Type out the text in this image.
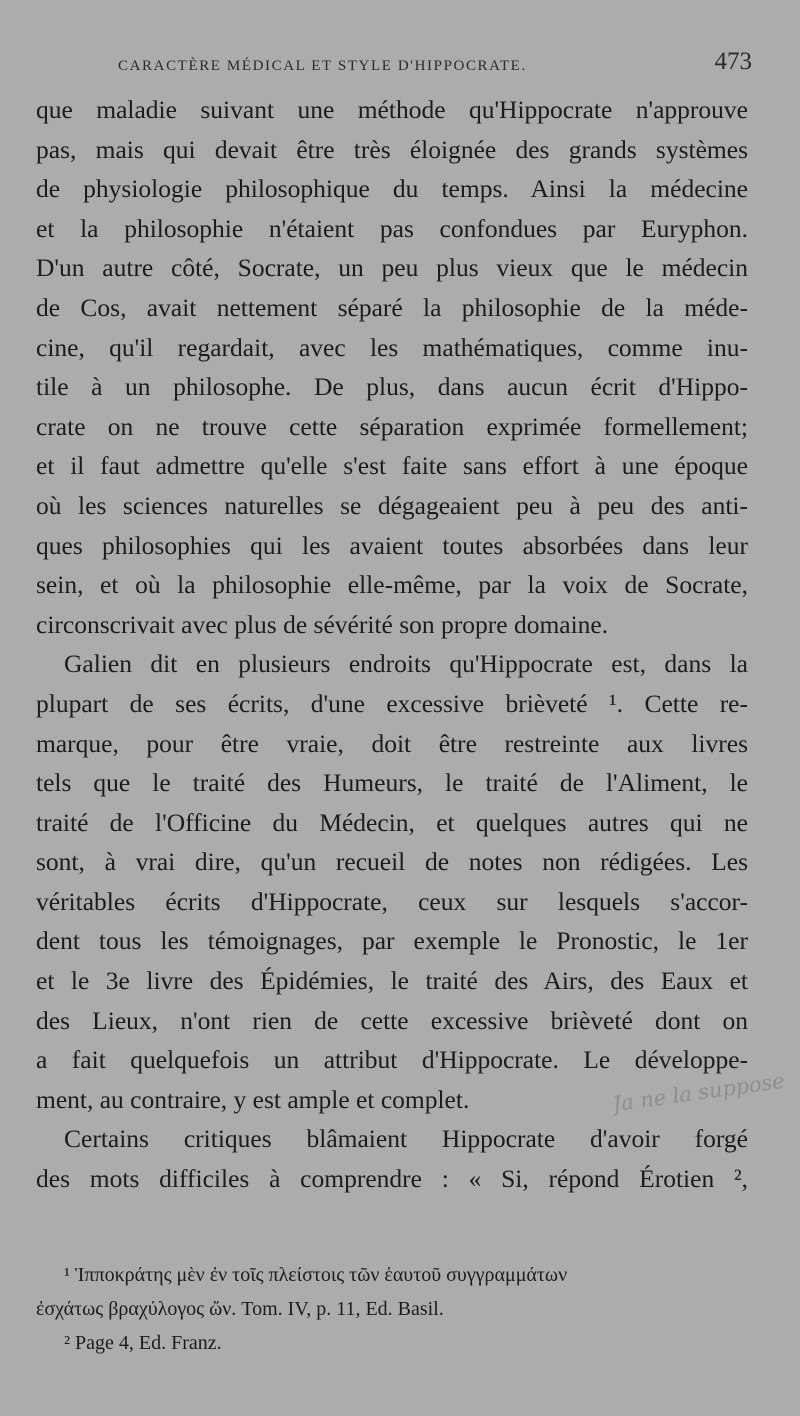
CARACTÈRE MÉDICAL ET STYLE D'HIPPOCRATE.	473
que maladie suivant une méthode qu'Hippocrate n'approuve
pas, mais qui devait être très éloignée des grands systèmes
de physiologie philosophique du temps. Ainsi la médecine
et la philosophie n'étaient pas confondues par Euryphon.
D'un autre côté, Socrate, un peu plus vieux que le médecin
de Cos, avait nettement séparé la philosophie de la méde-
cine, qu'il regardait, avec les mathématiques, comme inu-
tile à un philosophe. De plus, dans aucun écrit d'Hippo-
crate on ne trouve cette séparation exprimée formellement;
et il faut admettre qu'elle s'est faite sans effort à une époque
où les sciences naturelles se dégageaient peu à peu des anti-
ques philosophies qui les avaient toutes absorbées dans leur
sein, et où la philosophie elle-même, par la voix de Socrate,
circonscrivait avec plus de sévérité son propre domaine.
Galien dit en plusieurs endroits qu'Hippocrate est, dans la
plupart de ses écrits, d'une excessive brièveté ¹. Cette re-
marque, pour être vraie, doit être restreinte aux livres
tels que le traité des Humeurs, le traité de l'Aliment, le
traité de l'Officine du Médecin, et quelques autres qui ne
sont, à vrai dire, qu'un recueil de notes non rédigées. Les
véritables écrits d'Hippocrate, ceux sur lesquels s'accor-
dent tous les témoignages, par exemple le Pronostic, le 1er
et le 3e livre des Épidémies, le traité des Airs, des Eaux et
des Lieux, n'ont rien de cette excessive brièveté dont on
a fait quelquefois un attribut d'Hippocrate. Le développe-
ment, au contraire, y est ample et complet.
Certains critiques blâmaient Hippocrate d'avoir forgé
des mots difficiles à comprendre : « Si, répond Érotien ²,
Ja ne la suppose
¹ Ἱπποκράτης μὲν ἐν τοῖς πλείστοις τῶν ἑαυτοῦ συγγραμμάτων
ἐσχάτως βραχύλογος ὤν. Tom. IV, p. 11, Ed. Basil.
² Page 4, Ed. Franz.
